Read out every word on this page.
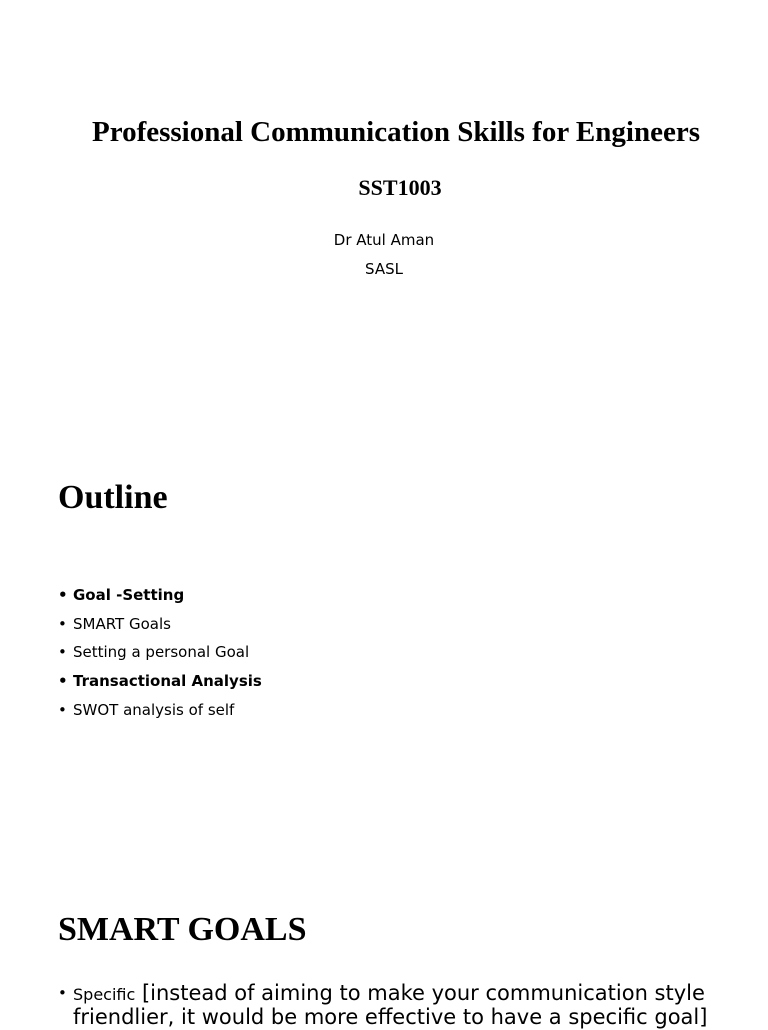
Professional Communication Skills for Engineers
SST1003
Dr Atul Aman
SASL
Outline
• Goal -Setting
• SMART Goals
• Setting a personal Goal
• Transactional Analysis
• SWOT analysis of self
SMART GOALS
• Specific [instead of aiming to make your communication style friendlier, it would be more effective to have a specific goal]
